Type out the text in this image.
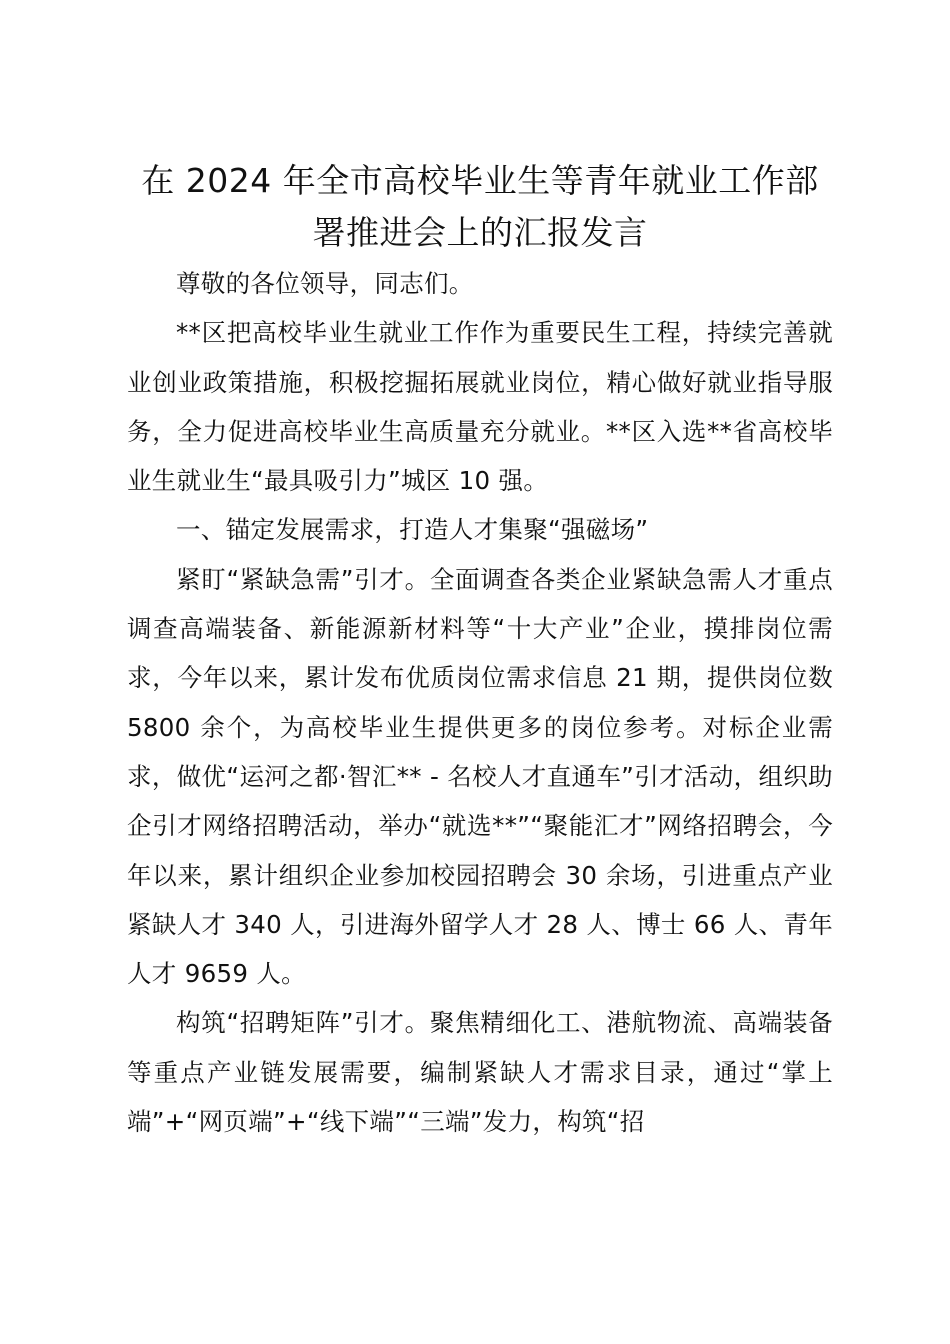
在 2024 年全市高校毕业生等青年就业工作部署推进会上的汇报发言

尊敬的各位领导，同志们。

**区把高校毕业生就业工作作为重要民生工程，持续完善就业创业政策措施，积极挖掘拓展就业岗位，精心做好就业指导服务，全力促进高校毕业生高质量充分就业。**区入选**省高校毕业生就业生“最具吸引力”城区 10 强。

一、锚定发展需求，打造人才集聚“强磁场”

紧盯“紧缺急需”引才。全面调查各类企业紧缺急需人才重点调查高端装备、新能源新材料等“十大产业”企业，摸排岗位需求，今年以来，累计发布优质岗位需求信息 21 期，提供岗位数 5800 余个，为高校毕业生提供更多的岗位参考。对标企业需求，做优“运河之都·智汇** - 名校人才直通车”引才活动，组织助企引才网络招聘活动，举办“就选**”“聚能汇才”网络招聘会，今年以来，累计组织企业参加校园招聘会 30 余场，引进重点产业紧缺人才 340 人，引进海外留学人才 28 人、博士 66 人、青年人才 9659 人。

构筑“招聘矩阵”引才。聚焦精细化工、港航物流、高端装备等重点产业链发展需要，编制紧缺人才需求目录，通过“掌上端”+“网页端”+“线下端”“三端”发力，构筑“招
